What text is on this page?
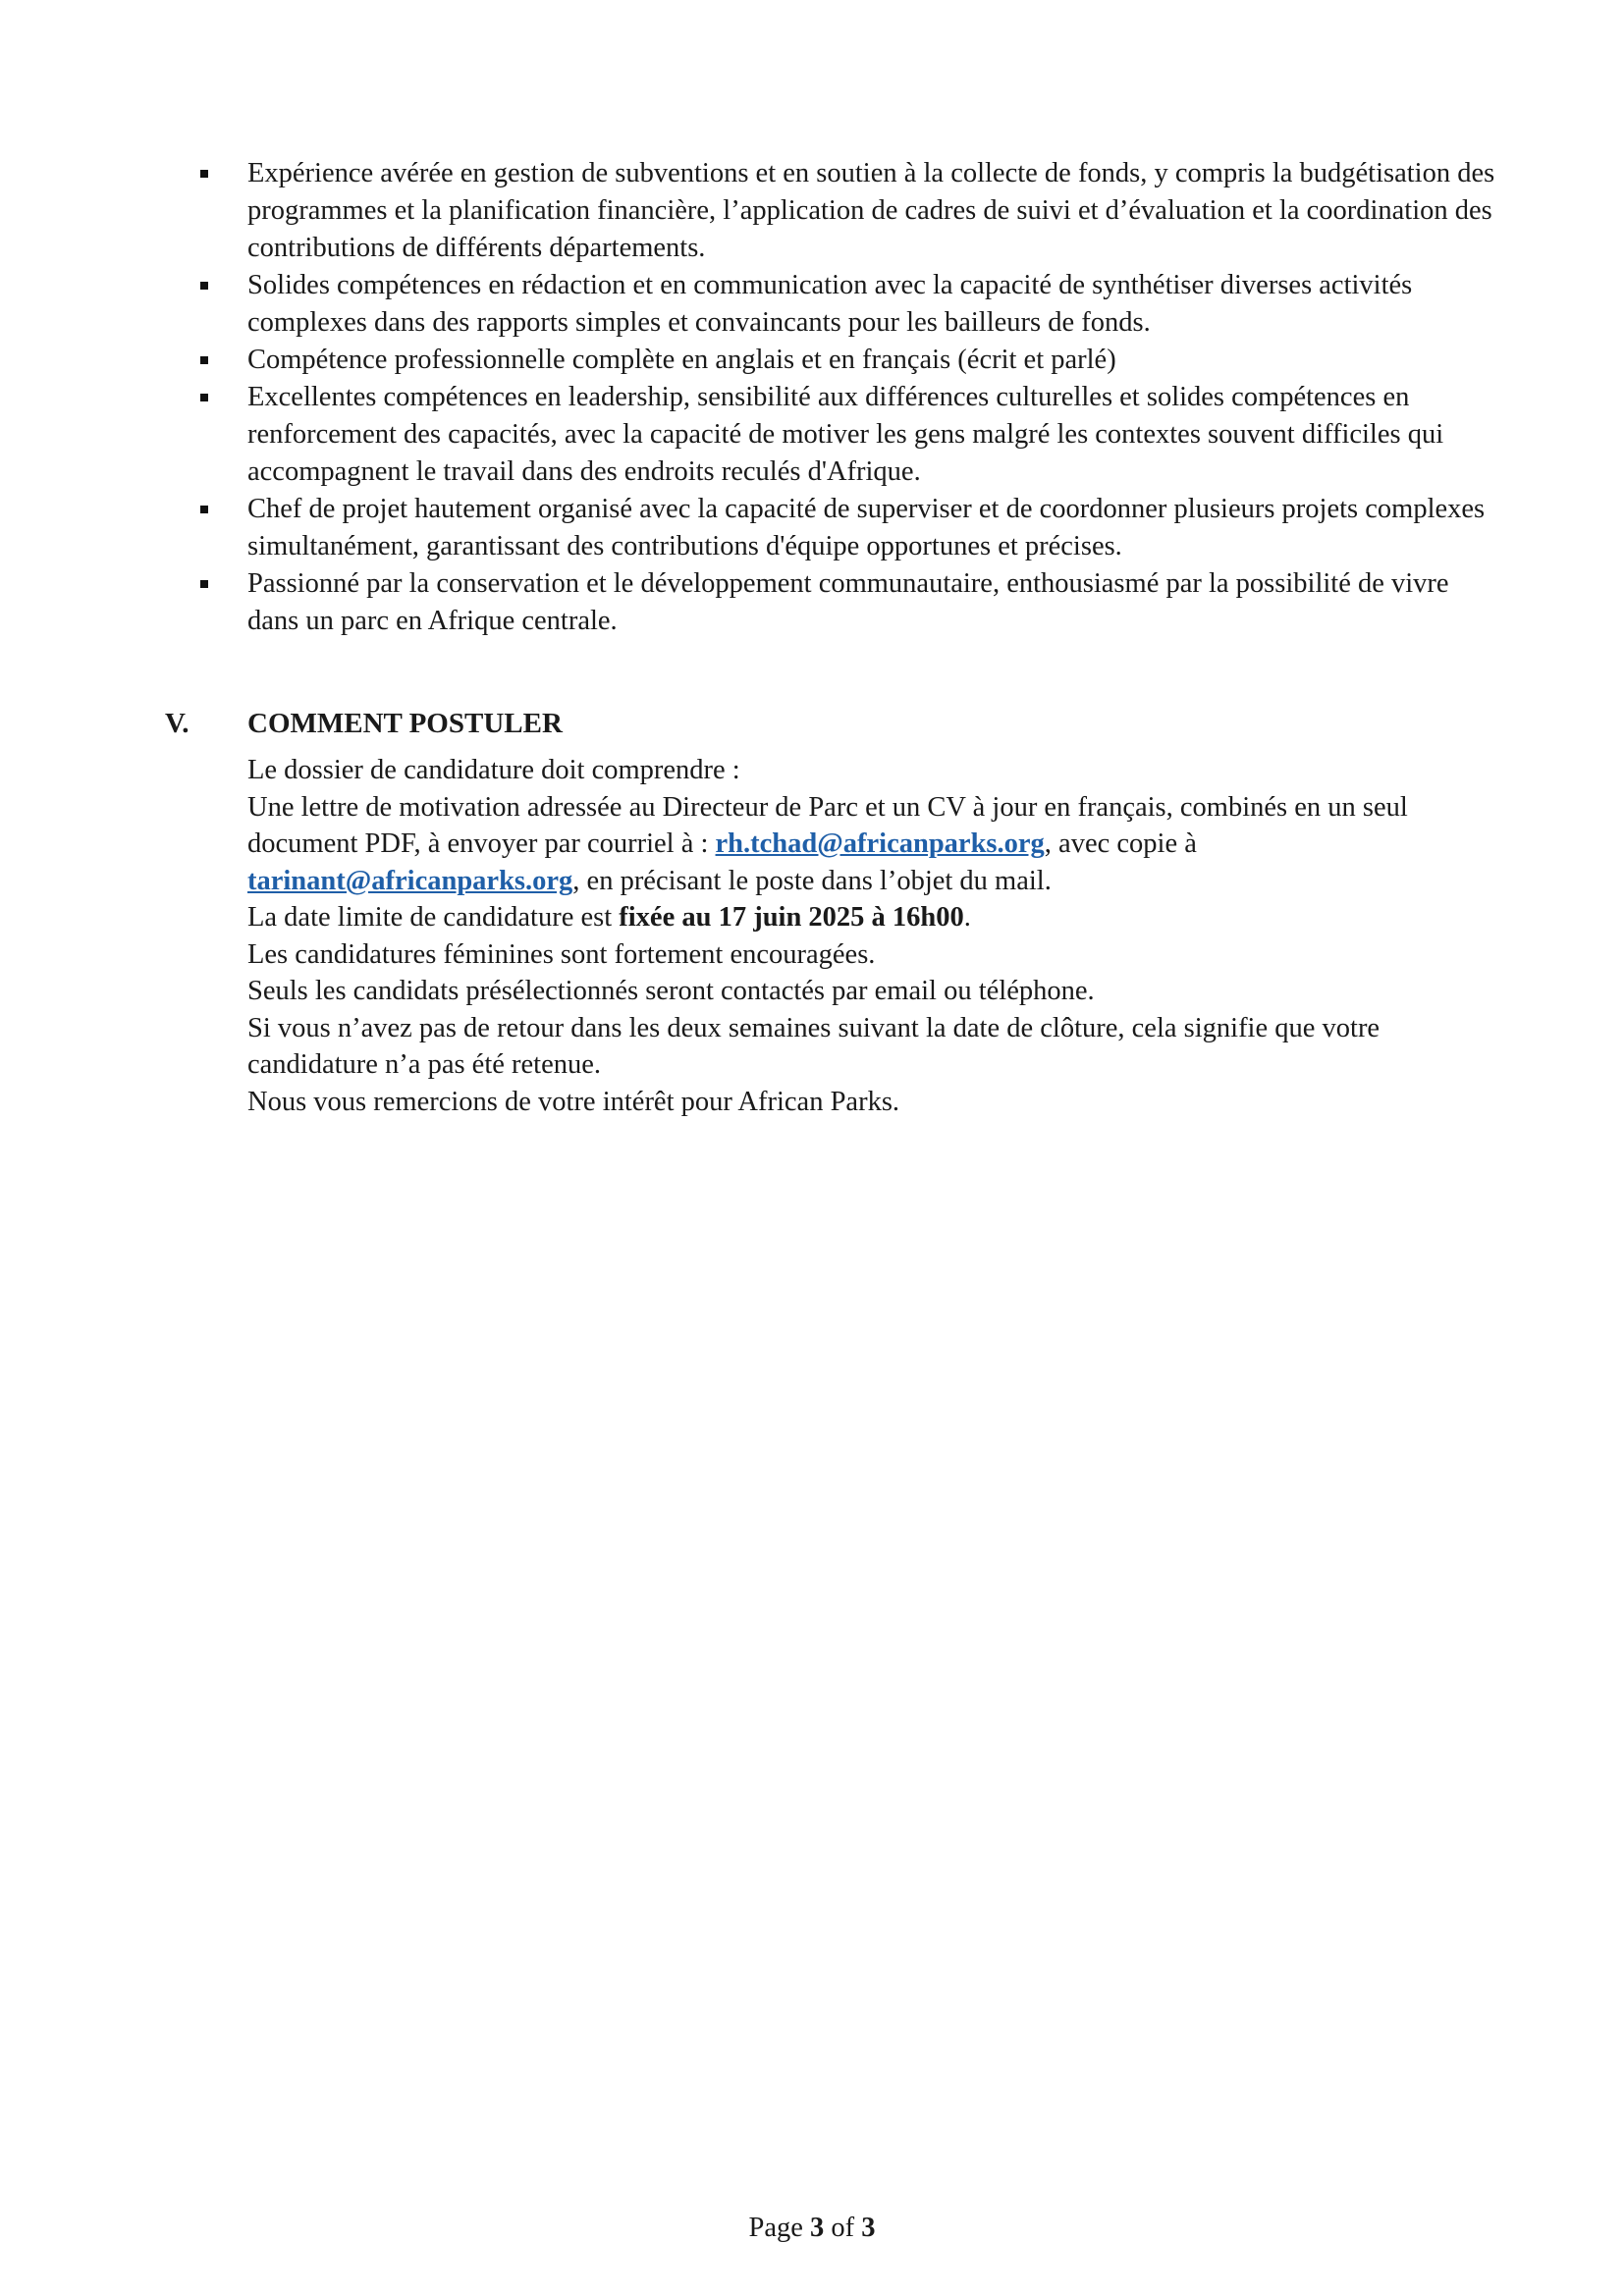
Expérience avérée en gestion de subventions et en soutien à la collecte de fonds, y compris la budgétisation des programmes et la planification financière, l’application de cadres de suivi et d’évaluation et la coordination des contributions de différents départements.
Solides compétences en rédaction et en communication avec la capacité de synthétiser diverses activités complexes dans des rapports simples et convaincants pour les bailleurs de fonds.
Compétence professionnelle complète en anglais et en français (écrit et parlé)
Excellentes compétences en leadership, sensibilité aux différences culturelles et solides compétences en renforcement des capacités, avec la capacité de motiver les gens malgré les contextes souvent difficiles qui accompagnent le travail dans des endroits reculés d'Afrique.
Chef de projet hautement organisé avec la capacité de superviser et de coordonner plusieurs projets complexes simultanément, garantissant des contributions d'équipe opportunes et précises.
Passionné par la conservation et le développement communautaire, enthousiasmé par la possibilité de vivre dans un parc en Afrique centrale.
V. COMMENT POSTULER

Le dossier de candidature doit comprendre :

Une lettre de motivation adressée au Directeur de Parc et un CV à jour en français, combinés en un seul document PDF, à envoyer par courriel à : rh.tchad@africanparks.org, avec copie à tarinant@africanparks.org, en précisant le poste dans l’objet du mail.

La date limite de candidature est fixée au 17 juin 2025 à 16h00.

Les candidatures féminines sont fortement encouragées.

Seuls les candidats présélectionnés seront contactés par email ou téléphone.

Si vous n’avez pas de retour dans les deux semaines suivant la date de clôture, cela signifie que votre candidature n’a pas été retenue.

Nous vous remercions de votre intérêt pour African Parks.

Page 3 of 3
